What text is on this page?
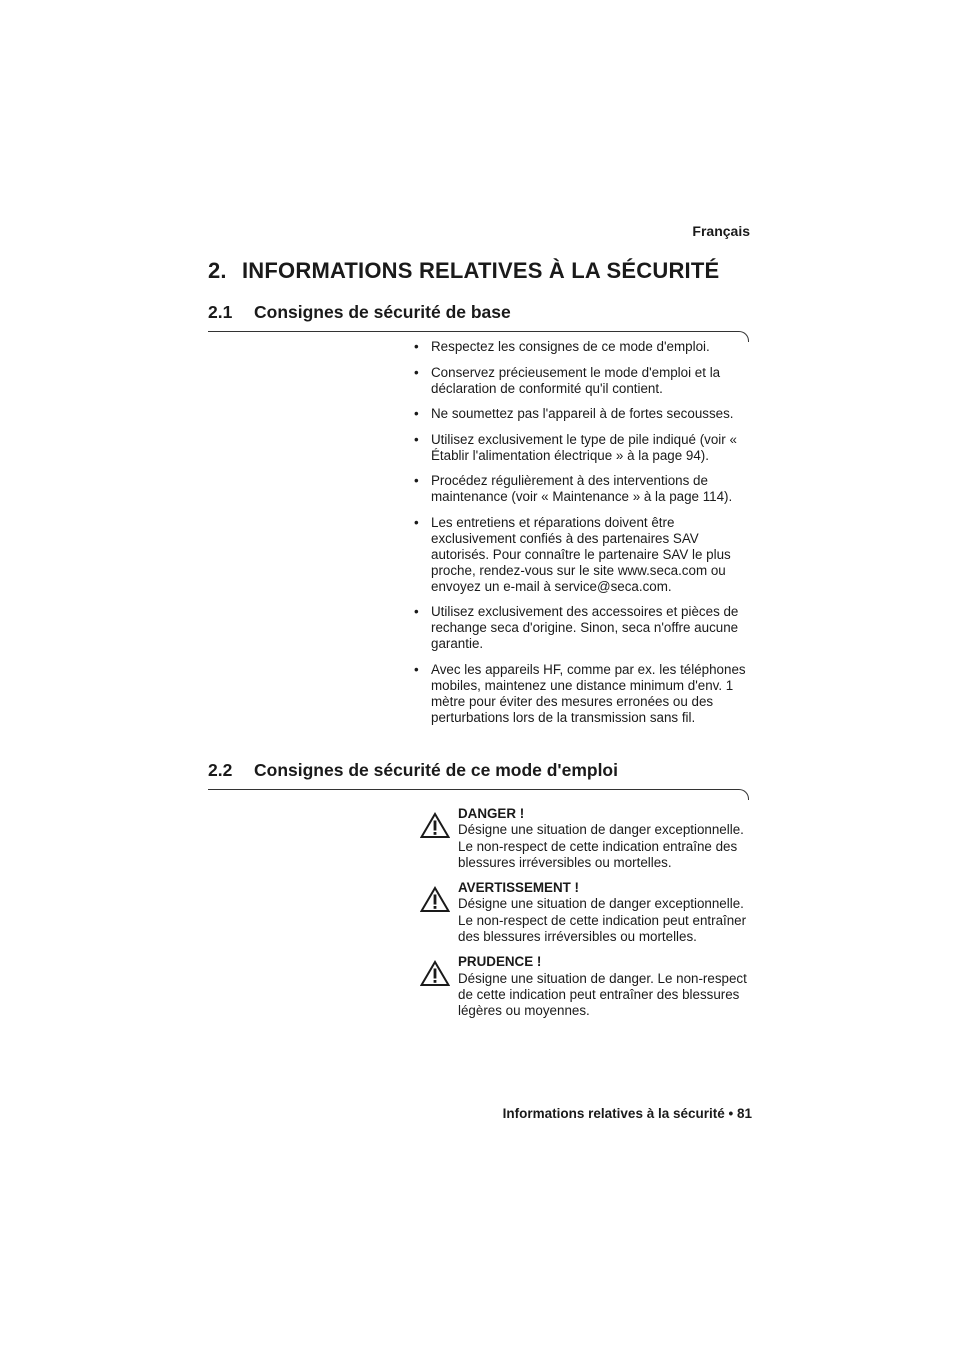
Français
2. INFORMATIONS RELATIVES À LA SÉCURITÉ
2.1 Consignes de sécurité de base
• Respectez les consignes de ce mode d'emploi.
• Conservez précieusement le mode d'emploi et la déclaration de conformité qu'il contient.
• Ne soumettez pas l'appareil à de fortes secousses.
• Utilisez exclusivement le type de pile indiqué (voir « Établir l'alimentation électrique » à la page 94).
• Procédez régulièrement à des interventions de maintenance (voir « Maintenance » à la page 114).
• Les entretiens et réparations doivent être exclusivement confiés à des partenaires SAV autorisés. Pour connaître le partenaire SAV le plus proche, rendez-vous sur le site www.seca.com ou envoyez un e-mail à service@seca.com.
• Utilisez exclusivement des accessoires et pièces de rechange seca d'origine. Sinon, seca n'offre aucune garantie.
• Avec les appareils HF, comme par ex. les téléphones mobiles, maintenez une distance minimum d'env. 1 mètre pour éviter des mesures erronées ou des perturbations lors de la transmission sans fil.
2.2 Consignes de sécurité de ce mode d'emploi
DANGER !
Désigne une situation de danger exceptionnelle. Le non-respect de cette indication entraîne des blessures irréversibles ou mortelles.
AVERTISSEMENT !
Désigne une situation de danger exceptionnelle. Le non-respect de cette indication peut entraîner des blessures irréversibles ou mortelles.
PRUDENCE !
Désigne une situation de danger. Le non-respect de cette indication peut entraîner des blessures légères ou moyennes.
Informations relatives à la sécurité • 81
